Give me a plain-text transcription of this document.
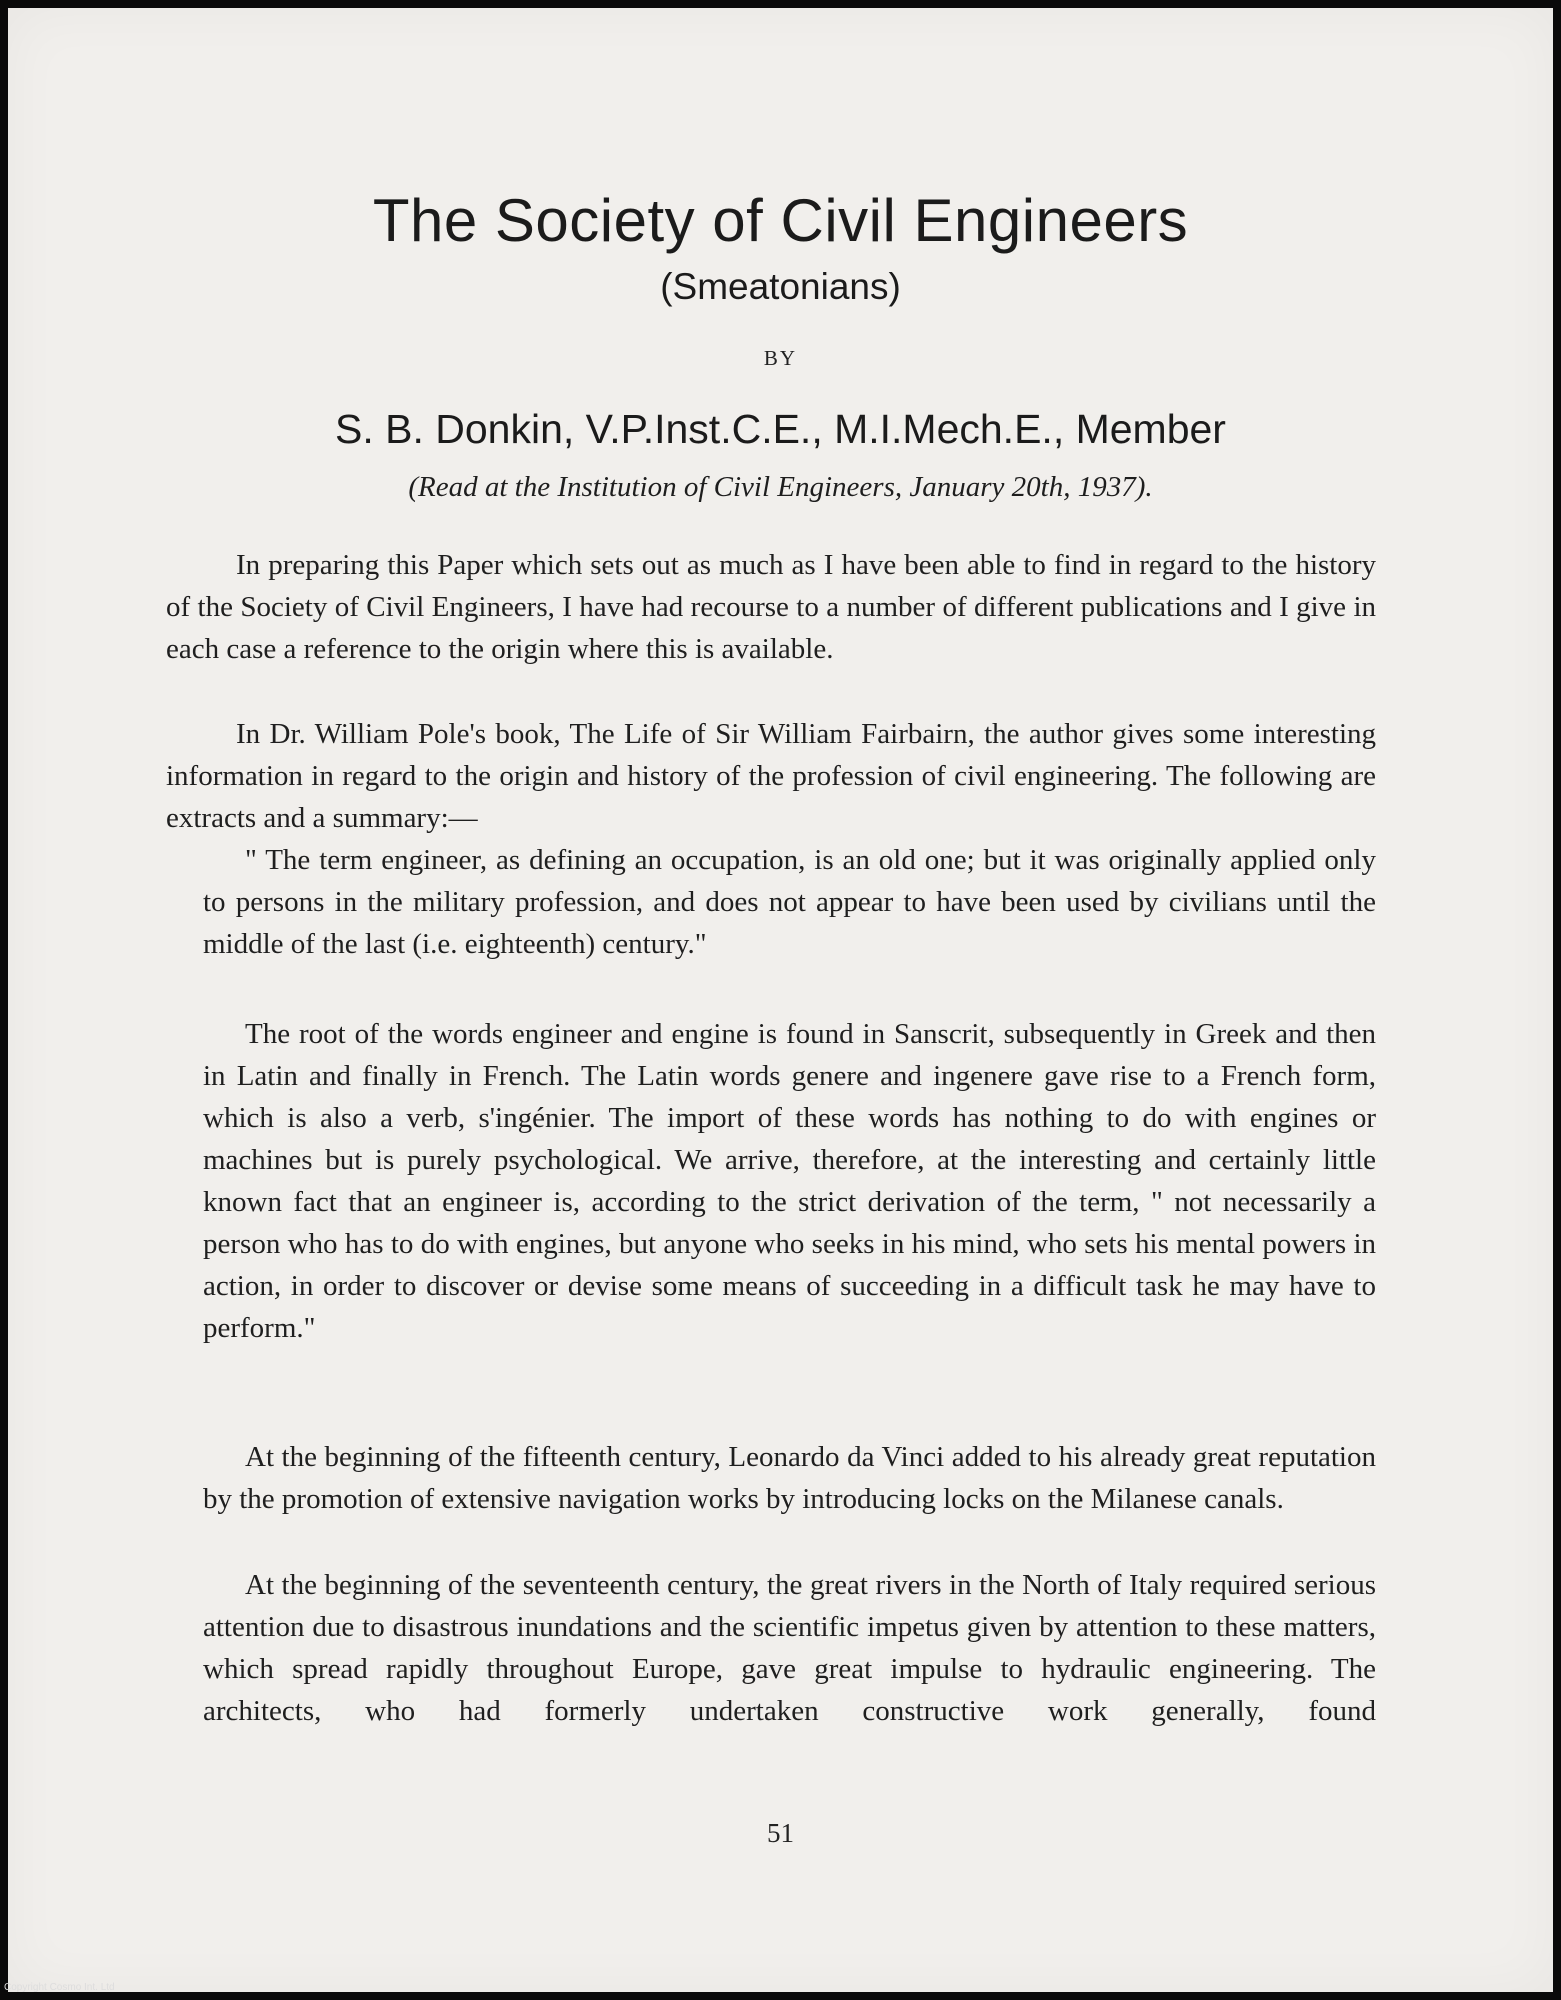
The Society of Civil Engineers
(Smeatonians)
BY
S. B. Donkin, V.P.Inst.C.E., M.I.Mech.E., Member
(Read at the Institution of Civil Engineers, January 20th, 1937).

In preparing this Paper which sets out as much as I have been able to find in regard to the history of the Society of Civil Engineers, I have had recourse to a number of different publications and I give in each case a reference to the origin where this is available.

In Dr. William Pole's book, The Life of Sir William Fairbairn, the author gives some interesting information in regard to the origin and history of the profession of civil engineering. The following are extracts and a summary:—

" The term engineer, as defining an occupation, is an old one; but it was originally applied only to persons in the military profession, and does not appear to have been used by civilians until the middle of the last (i.e. eighteenth) century."

The root of the words engineer and engine is found in Sanscrit, subsequently in Greek and then in Latin and finally in French. The Latin words genere and ingenere gave rise to a French form, which is also a verb, s'ingénier. The import of these words has nothing to do with engines or machines but is purely psychological. We arrive, therefore, at the interesting and certainly little known fact that an engineer is, according to the strict derivation of the term, " not necessarily a person who has to do with engines, but anyone who seeks in his mind, who sets his mental powers in action, in order to discover or devise some means of succeeding in a difficult task he may have to perform."

At the beginning of the fifteenth century, Leonardo da Vinci added to his already great reputation by the promotion of extensive navigation works by introducing locks on the Milanese canals.

At the beginning of the seventeenth century, the great rivers in the North of Italy required serious attention due to disastrous inundations and the scientific impetus given by attention to these matters, which spread rapidly throughout Europe, gave great impulse to hydraulic engineering. The architects, who had formerly undertaken constructive work generally, found

51
Copyright Cosmo Int. Ltd
